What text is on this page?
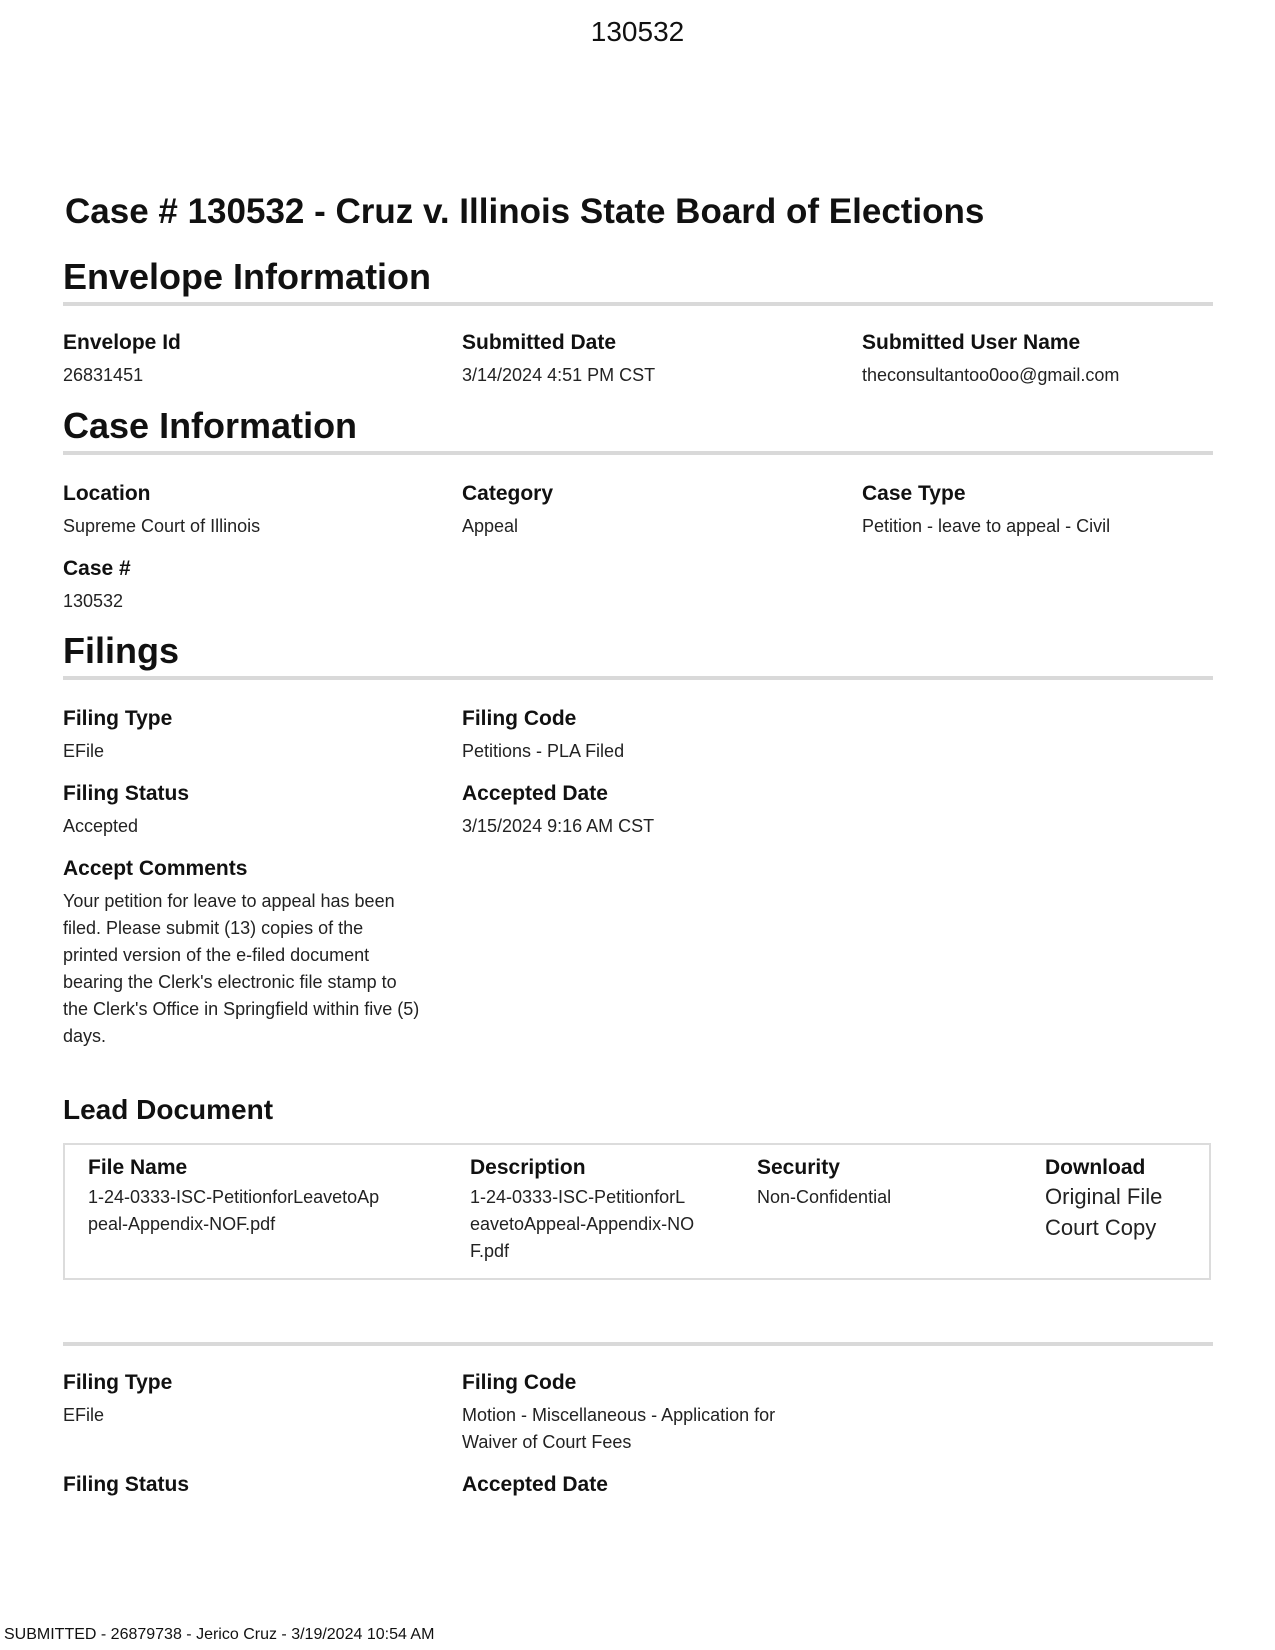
130532
Case # 130532 - Cruz v. Illinois State Board of Elections
Envelope Information
Envelope Id
26831451
Submitted Date
3/14/2024 4:51 PM CST
Submitted User Name
theconsultantoo0oo@gmail.com
Case Information
Location
Supreme Court of Illinois
Category
Appeal
Case Type
Petition - leave to appeal - Civil
Case #
130532
Filings
Filing Type
EFile
Filing Code
Petitions - PLA Filed
Filing Status
Accepted
Accepted Date
3/15/2024 9:16 AM CST
Accept Comments
Your petition for leave to appeal has been filed. Please submit (13) copies of the printed version of the e-filed document bearing the Clerk's electronic file stamp to the Clerk's Office in Springfield within five (5) days.
Lead Document
File Name
1-24-0333-ISC-PetitionforLeavetoAppeal-Appendix-NOF.pdf
Description
1-24-0333-ISC-PetitionforLeavetoAppeal-Appendix-NOF.pdf
Security
Non-Confidential
Download
Original File
Court Copy
Filing Type
EFile
Filing Code
Motion - Miscellaneous - Application for Waiver of Court Fees
Filing Status	Accepted Date
SUBMITTED - 26879738 - Jerico Cruz - 3/19/2024 10:54 AM
